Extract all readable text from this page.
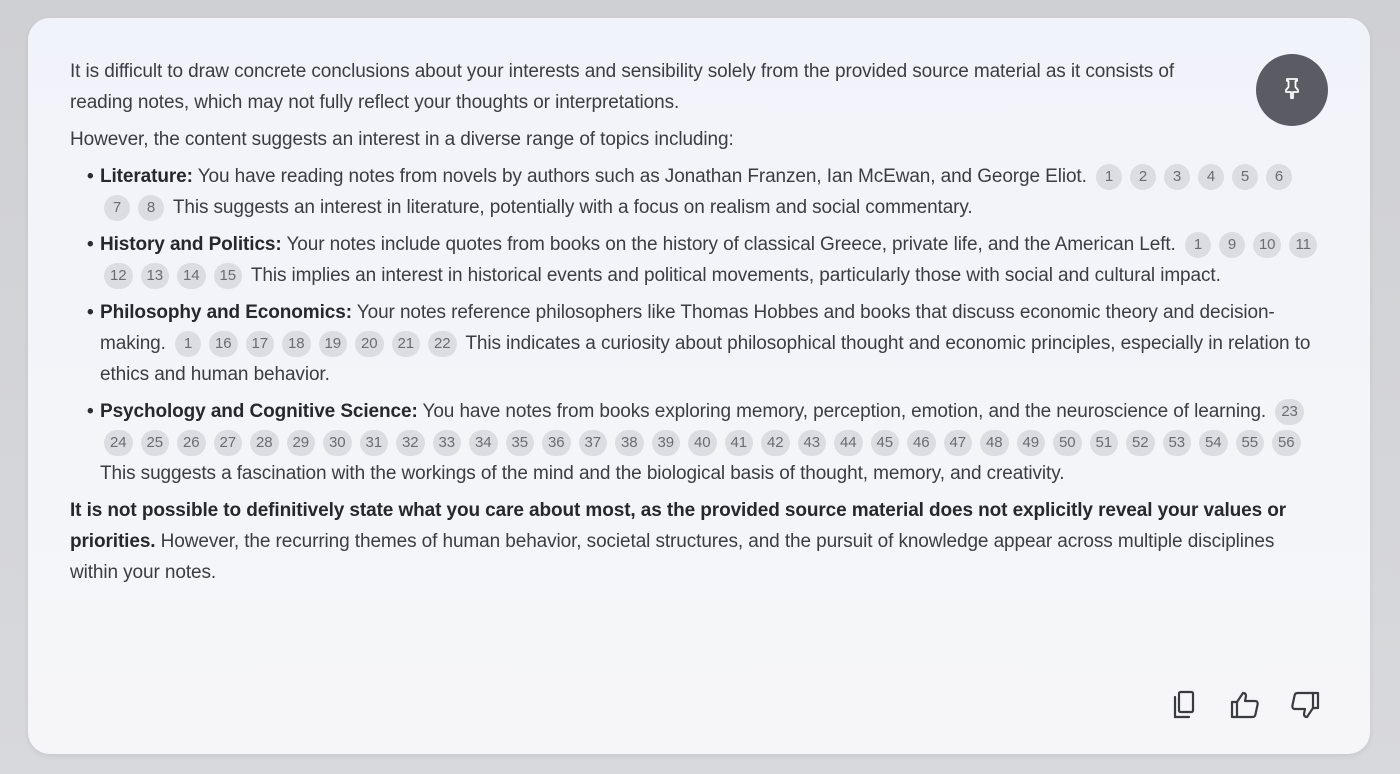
It is difficult to draw concrete conclusions about your interests and sensibility solely from the provided source material as it consists of reading notes, which may not fully reflect your thoughts or interpretations.

However, the content suggests an interest in a diverse range of topics including:

• Literature: You have reading notes from novels by authors such as Jonathan Franzen, Ian McEwan, and George Eliot. 1 2 3 4 5 67 8 This suggests an interest in literature, potentially with a focus on realism and social commentary.
• History and Politics: Your notes include quotes from books on the history of classical Greece, private life, and the American Left. 1 9 10 1112 13 14 15 This implies an interest in historical events and political movements, particularly those with social and cultural impact.
• Philosophy and Economics: Your notes reference philosophers like Thomas Hobbes and books that discuss economic theory and decision-making. 1 16 17 18 19 20 21 22 This indicates a curiosity about philosophical thought and economic principles, especially in relation to ethics and human behavior.
• Psychology and Cognitive Science: You have notes from books exploring memory, perception, emotion, and the neuroscience of learning. 2324 25 26 27 28 29 30 31 32 33 34 35 36 37 38 39 40 41 42 43 44 45 46 47 48 49 50 51 52 53 54 55 56 This suggests a fascination with the workings of the mind and the biological basis of thought, memory, and creativity.

It is not possible to definitively state what you care about most, as the provided source material does not explicitly reveal your values or priorities. However, the recurring themes of human behavior, societal structures, and the pursuit of knowledge appear across multiple disciplines within your notes.
